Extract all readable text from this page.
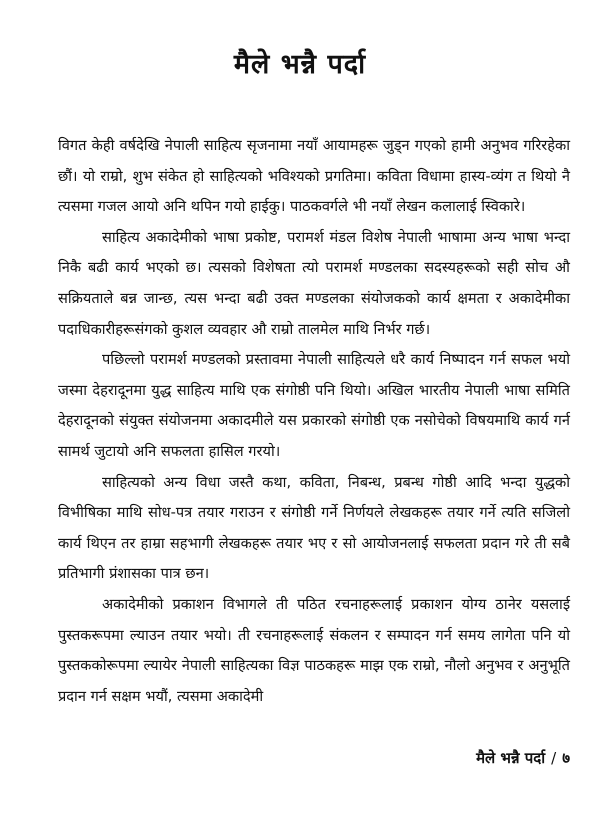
मैले भन्नै पर्दा

विगत केही वर्षदेखि नेपाली साहित्य सृजनामा नयाँ आयामहरू जुड्न गएको हामी अनुभव गरिरहेका छौं। यो राम्रो, शुभ संकेत हो साहित्यको भविश्यको प्रगतिमा। कविता विधामा हास्य-व्यंग त थियो नै त्यसमा गजल आयो अनि थपिन गयो हाईकु। पाठकवर्गले भी नयाँ लेखन कलालाई स्विकारे।

साहित्य अकादेमीको भाषा प्रकोष्ट, परामर्श मंडल विशेष नेपाली भाषामा अन्य भाषा भन्दा निकै बढी कार्य भएको छ। त्यसको विशेषता त्यो परामर्श मण्डलका सदस्यहरूको सही सोच औ सक्रियताले बन्न जान्छ, त्यस भन्दा बढी उक्त मण्डलका संयोजकको कार्य क्षमता र अकादेमीका पदाधिकारीहरूसंगको कुशल व्यवहार औ राम्रो तालमेल माथि निर्भर गर्छ।

पछिल्लो परामर्श मण्डलको प्रस्तावमा नेपाली साहित्यले धरै कार्य निष्पादन गर्न सफल भयो जस्मा देहरादूनमा युद्ध साहित्य माथि एक संगोष्ठी पनि थियो। अखिल भारतीय नेपाली भाषा समिति देहरादूनको संयुक्त संयोजनमा अकादमीले यस प्रकारको संगोष्ठी एक नसोचेको विषयमाथि कार्य गर्न सामर्थ जुटायो अनि सफलता हासिल गरयो।

साहित्यको अन्य विधा जस्तै कथा, कविता, निबन्ध, प्रबन्ध गोष्ठी आदि भन्दा युद्धको विभीषिका माथि सोध-पत्र तयार गराउन र संगोष्ठी गर्ने निर्णयले लेखकहरू तयार गर्ने त्यति सजिलो कार्य थिएन तर हाम्रा सहभागी लेखकहरू तयार भए र सो आयोजनलाई सफलता प्रदान गरे ती सबै प्रतिभागी प्रंशासका पात्र छन।

अकादेमीको प्रकाशन विभागले ती पठित रचनाहरूलाई प्रकाशन योग्य ठानेर यसलाई पुस्तकरूपमा ल्याउन तयार भयो। ती रचनाहरूलाई संकलन र सम्पादन गर्न समय लागेता पनि यो पुस्तककोरूपमा ल्यायेर नेपाली साहित्यका विज्ञ पाठकहरू माझ एक राम्रो, नौलो अनुभव र अनुभूति प्रदान गर्न सक्षम भयौं, त्यसमा अकादेमी

मैले भन्नै पर्दा / ७
